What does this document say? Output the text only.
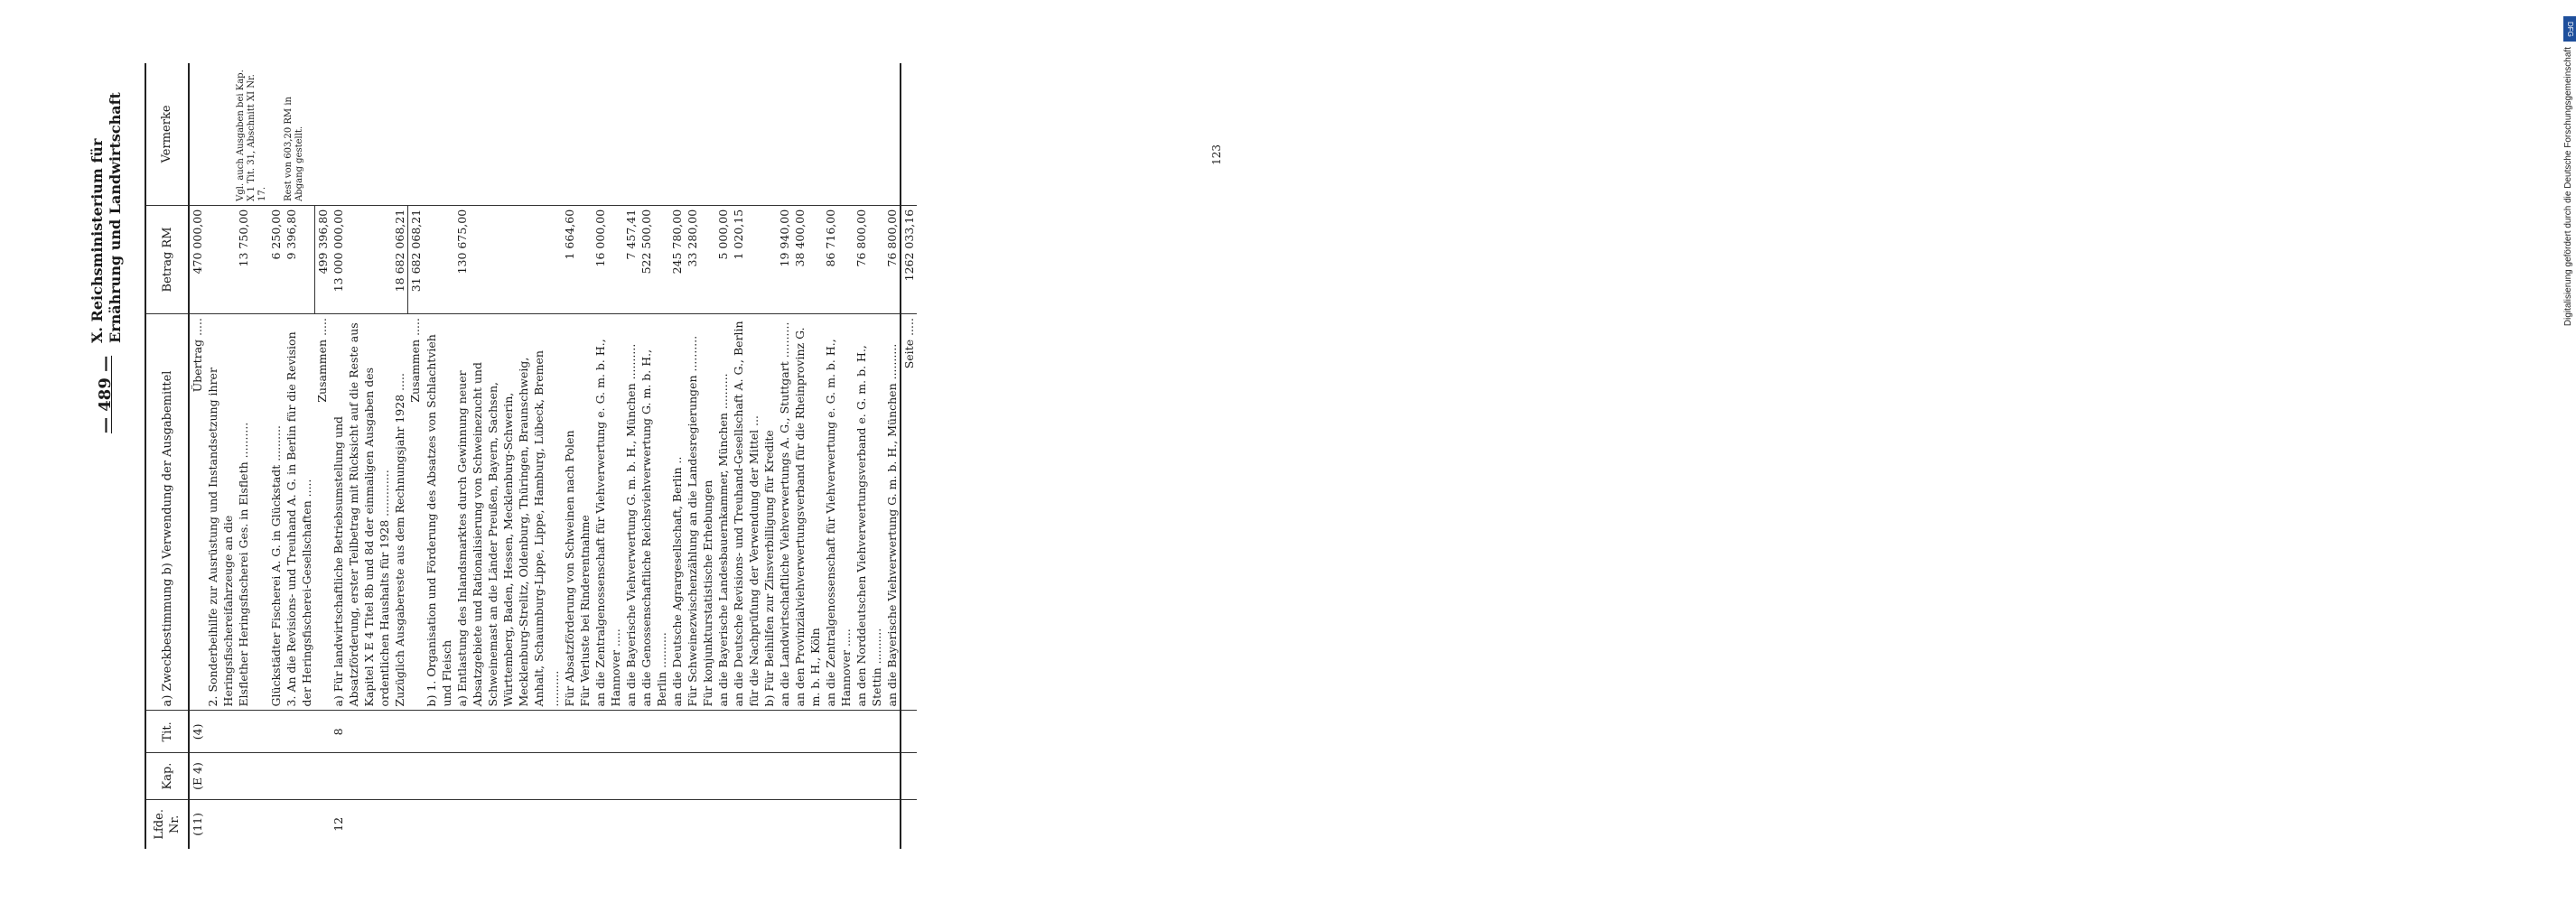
DFG
Digitalisierung gefördert durch die Deutsche Forschungsgemeinschaft
123
— 489 —
X. Reichsministerium für Ernährung und Landwirtschaft
Lfde. Nr.	Kap.	Tit.	a) Zweckbestimmung b) Verwendung der Ausgabemittel	Betrag RM	Vermerke
(11)	(E 4)	(4)	Übertrag .....	470 000,00	
			2. Sonderbeihilfe zur Ausrüstung und Instandsetzung ihrer Heringsfischereifahrzeuge an die		
			Elsflether Heringsfischerei Ges. in Elsfleth ..........	13 750,00	Vgl. auch Ausgaben bei Kap. X 1 Tit. 31, Abschnitt XI Nr. 17.
			Glückstädter Fischerei A. G. in Glückstadt ..........	6 250,00	
			3. An die Revisions- und Treuhand A. G. in Berlin für die Revision der Heringsfischerei-Gesellschaften .....	9 396,80	Rest von 603,20 RM in Abgang gestellt.
			Zusammen .....	499 396,80	
12		8	a) Für landwirtschaftliche Betriebsumstellung und Absatzförderung, erster Teilbetrag mit Rücksicht auf die Reste aus Kapitel X E 4 Titel 8b und 8d der einmaligen Ausgaben des ordentlichen Haushalts für 1928 .............	13 000 000,00	
			Zuzüglich Ausgabereste aus dem Rechnungsjahr 1928 .....	18 682 068,21	
			Zusammen .....	31 682 068,21	
			b) 1. Organisation und Förderung des Absatzes von Schlachtvieh und Fleisch		
			a) Entlastung des Inlandsmarktes durch Gewinnung neuer Absatzgebiete und Rationalisierung von Schweinezucht und Schweinemast an die Länder Preußen, Bayern, Sachsen, Württemberg, Baden, Hessen, Mecklenburg-Schwerin, Mecklenburg-Strelitz, Oldenburg, Thüringen, Braunschweig, Anhalt, Schaumburg-Lippe, Lippe, Hamburg, Lübeck, Bremen ..........	130 675,00	
			Für Absatzförderung von Schweinen nach Polen	1 664,60	
			Für Verluste bei Rinderentnahme		
			an die Zentralgenossenschaft für Viehverwertung e. G. m. b. H., Hannover .....	16 000,00	
			an die Bayerische Viehverwertung G. m. b. H., München ..........	7 457,41	
			an die Genossenschaftliche Reichsviehverwertung G. m. b. H., Berlin ..........	522 500,00	
			an die Deutsche Agrargesellschaft, Berlin ..	245 780,00	
			Für Schweinezwischenzählung an die Landesregierungen ..........	33 280,00	
			Für konjunkturstatistische Erhebungen		
			an die Bayerische Landesbauernkammer, München ..........	5 000,00	
			an die Deutsche Revisions- und Treuhand-Gesellschaft A. G., Berlin für die Nachprüfung der Verwendung der Mittel ...	1 020,15	
			b) Für Beihilfen zur Zinsverbilligung für Kredite		
			an die Landwirtschaftliche Viehverwertungs A. G., Stuttgart ..........	19 940,00	
			an den Provinzialviehverwertungsverband für die Rheinprovinz G. m. b. H., Köln	38 400,00	
			an die Zentralgenossenschaft für Viehverwertung e. G. m. b. H., Hannover .....	86 716,00	
			an den Norddeutschen Viehverwertungsverband e. G. m. b. H., Stettin ..........	76 800,00	
			an die Bayerische Viehverwertung G. m. b. H., München ..........	76 800,00	
			Seite .....	1262 033,16	
